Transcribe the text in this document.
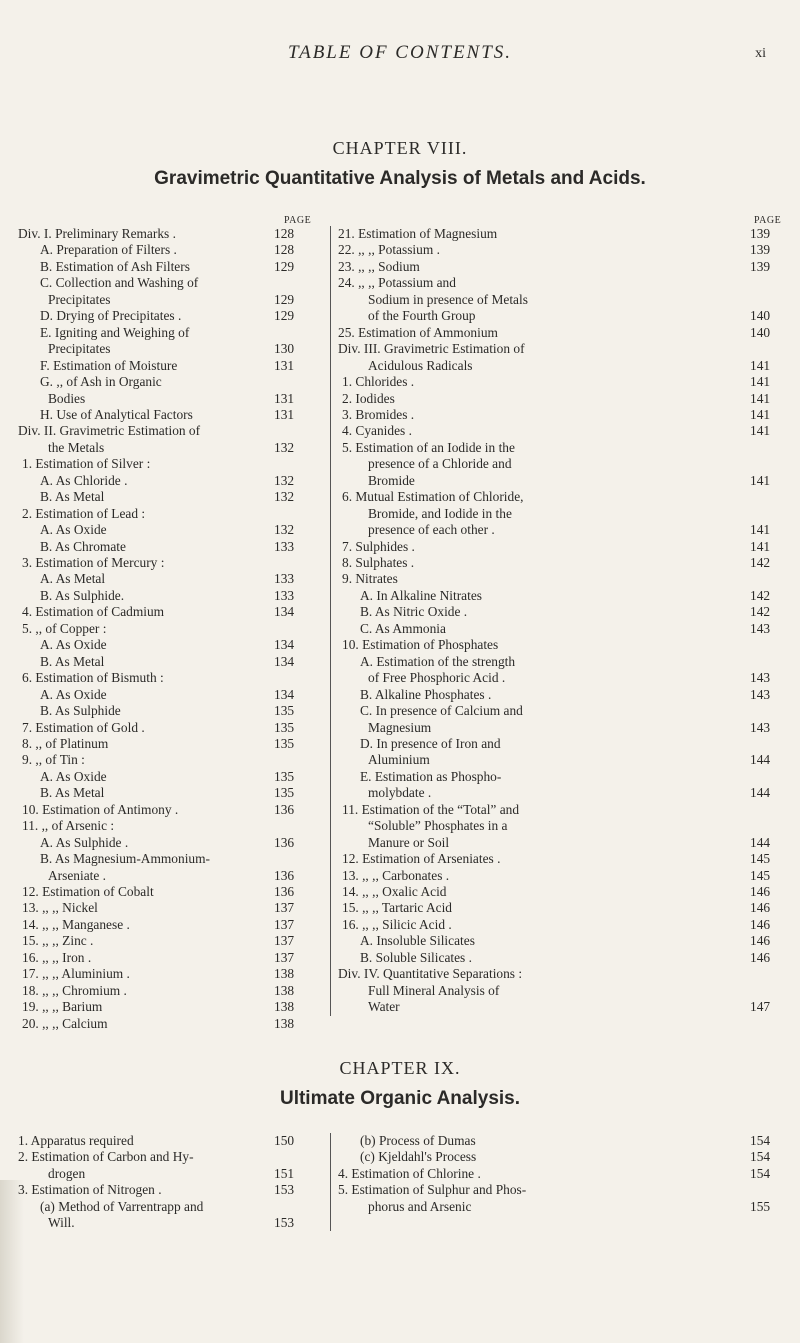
TABLE OF CONTENTS.	xi
CHAPTER VIII.
Gravimetric Quantitative Analysis of Metals and Acids.
PAGE	PAGE
Div. I. Preliminary Remarks .	128
A. Preparation of Filters .	128
B. Estimation of Ash Filters	129
C. Collection and Washing of
Precipitates	129
D. Drying of Precipitates .	129
E. Igniting and Weighing of
Precipitates	130
F. Estimation of Moisture	131
G. ,, of Ash in Organic
Bodies	131
H. Use of Analytical Factors	131
Div. II. Gravimetric Estimation of
the Metals	132
1. Estimation of Silver :
A. As Chloride .	132
B. As Metal	132
2. Estimation of Lead :
A. As Oxide	132
B. As Chromate	133
3. Estimation of Mercury :
A. As Metal	133
B. As Sulphide.	133
4. Estimation of Cadmium	134
5. ,, of Copper :
A. As Oxide	134
B. As Metal	134
6. Estimation of Bismuth :
A. As Oxide	134
B. As Sulphide	135
7. Estimation of Gold .	135
8. ,, of Platinum	135
9. ,, of Tin :
A. As Oxide	135
B. As Metal	135
10. Estimation of Antimony .	136
11. ,, of Arsenic :
A. As Sulphide .	136
B. As Magnesium-Ammonium-
Arseniate .	136
12. Estimation of Cobalt	136
13. ,, ,, Nickel	137
14. ,, ,, Manganese .	137
15. ,, ,, Zinc .	137
16. ,, ,, Iron .	137
17. ,, ,, Aluminium .	138
18. ,, ,, Chromium .	138
19. ,, ,, Barium	138
20. ,, ,, Calcium	138
21. Estimation of Magnesium	139
22. ,, ,, Potassium .	139
23. ,, ,, Sodium	139
24. ,, ,, Potassium and
Sodium in presence of Metals
of the Fourth Group	140
25. Estimation of Ammonium	140
Div. III. Gravimetric Estimation of
Acidulous Radicals	141
1. Chlorides .	141
2. Iodides	141
3. Bromides .	141
4. Cyanides .	141
5. Estimation of an Iodide in the
presence of a Chloride and
Bromide	141
6. Mutual Estimation of Chloride,
Bromide, and Iodide in the
presence of each other .	141
7. Sulphides .	141
8. Sulphates .	142
9. Nitrates
A. In Alkaline Nitrates	142
B. As Nitric Oxide .	142
C. As Ammonia	143
10. Estimation of Phosphates
A. Estimation of the strength
of Free Phosphoric Acid .	143
B. Alkaline Phosphates .	143
C. In presence of Calcium and
Magnesium	143
D. In presence of Iron and
Aluminium	144
E. Estimation as Phospho-
molybdate .	144
11. Estimation of the “Total” and
“Soluble” Phosphates in a
Manure or Soil	144
12. Estimation of Arseniates .	145
13. ,, ,, Carbonates .	145
14. ,, ,, Oxalic Acid	146
15. ,, ,, Tartaric Acid	146
16. ,, ,, Silicic Acid .	146
A. Insoluble Silicates	146
B. Soluble Silicates .	146
Div. IV. Quantitative Separations :
Full Mineral Analysis of
Water	147
CHAPTER IX.
Ultimate Organic Analysis.
1. Apparatus required	150
2. Estimation of Carbon and Hy-
drogen	151
3. Estimation of Nitrogen .	153
(a) Method of Varrentrapp and
Will.	153
(b) Process of Dumas	154
(c) Kjeldahl's Process	154
4. Estimation of Chlorine .	154
5. Estimation of Sulphur and Phos-
phorus and Arsenic	155
